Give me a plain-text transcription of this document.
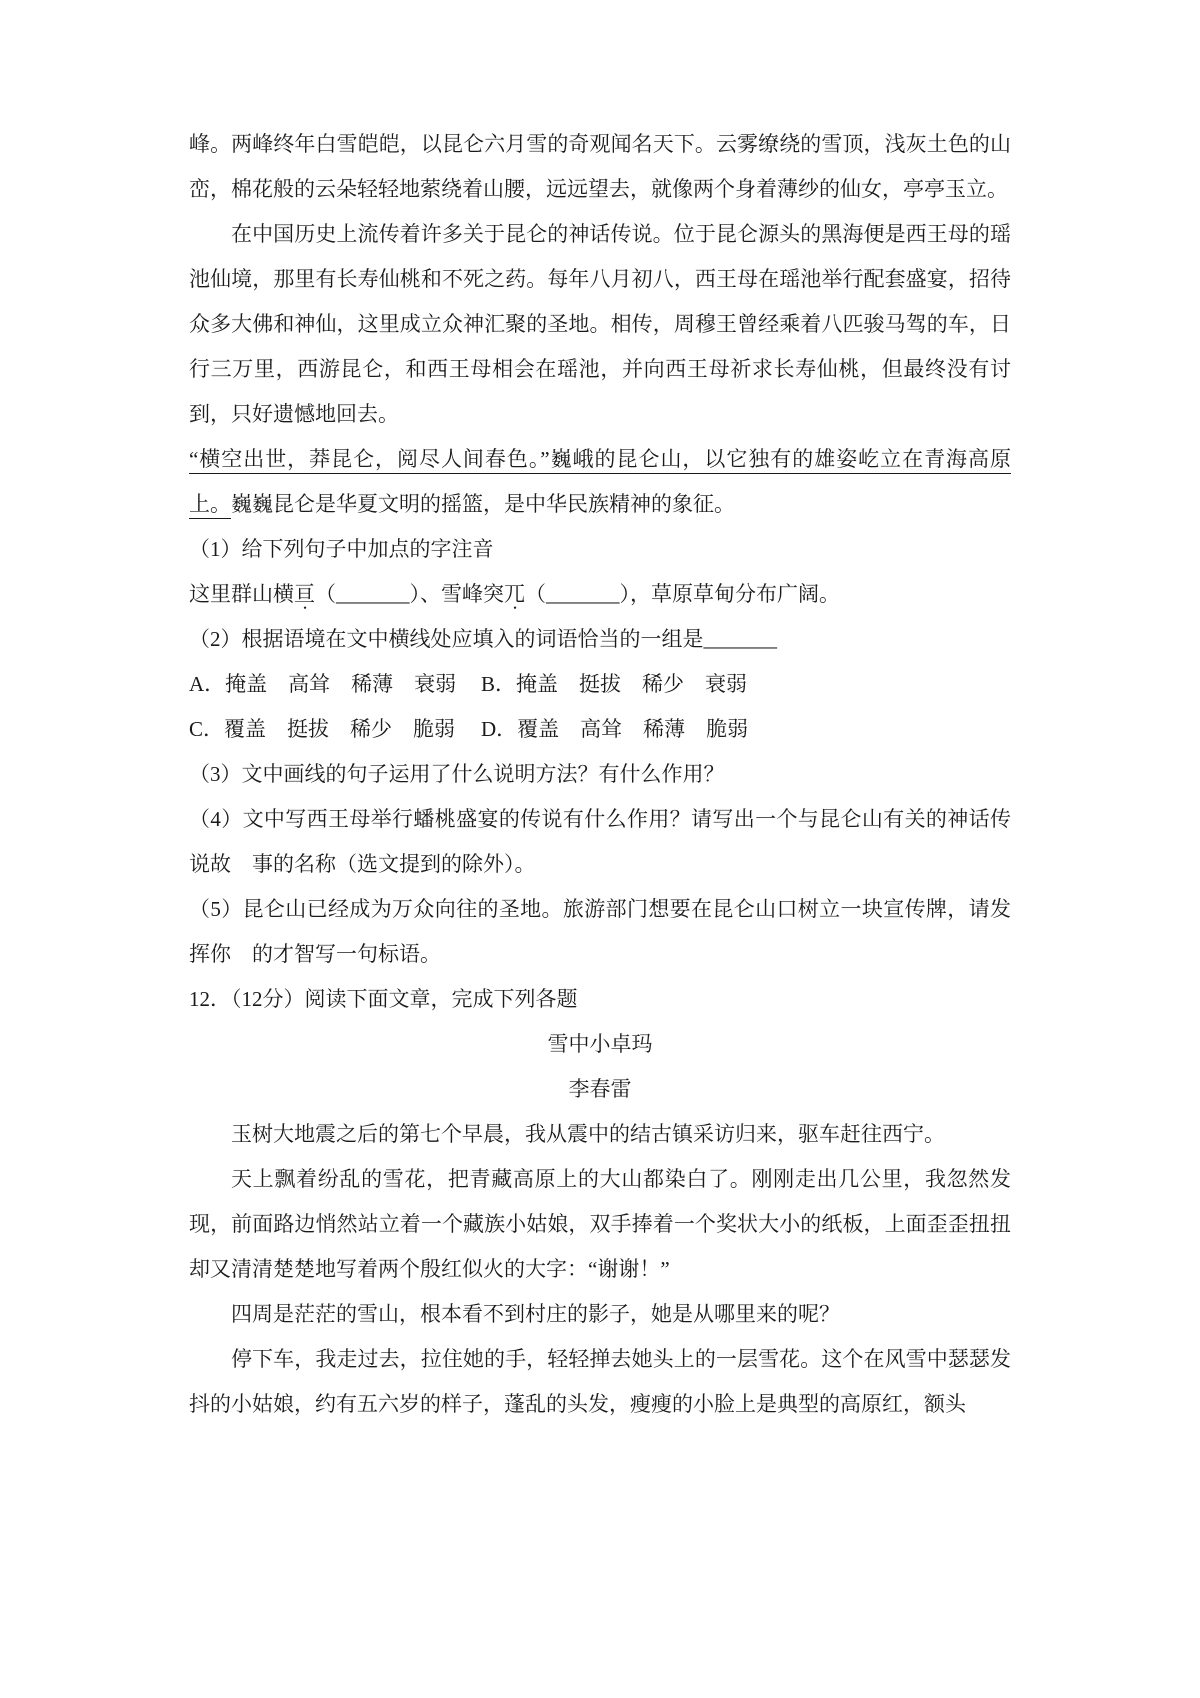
峰。两峰终年白雪皑皑，以昆仑六月雪的奇观闻名天下。云雾缭绕的雪顶，浅灰土色的山峦，棉花般的云朵轻轻地萦绕着山腰，远远望去，就像两个身着薄纱的仙女，亭亭玉立。

在中国历史上流传着许多关于昆仑的神话传说。位于昆仑源头的黑海便是西王母的瑶池仙境，那里有长寿仙桃和不死之药。每年八月初八，西王母在瑶池举行配套盛宴，招待众多大佛和神仙，这里成立众神汇聚的圣地。相传，周穆王曾经乘着八匹骏马驾的车，日行三万里，西游昆仑，和西王母相会在瑶池，并向西王母祈求长寿仙桃，但最终没有讨到，只好遗憾地回去。

“横空出世，莽昆仑，阅尽人间春色。”巍峨的昆仑山，以它独有的雄姿屹立在青海高原上。巍巍昆仑是华夏文明的摇篮，是中华民族精神的象征。

（1）给下列句子中加点的字注音

这里群山横亘 ・（_______）、雪峰突兀 ・（_______），草原草甸分布广阔。

（2）根据语境在文中横线处应填入的词语恰当的一组是_______

A．掩盖　高耸　稀薄　衰弱	B．掩盖　挺拔　稀少　衰弱
C．覆盖　挺拔　稀少　脆弱	D．覆盖　高耸　稀薄　脆弱

（3）文中画线的句子运用了什么说明方法？有什么作用？

（4）文中写西王母举行蟠桃盛宴的传说有什么作用？请写出一个与昆仑山有关的神话传说故　事的名称（选文提到的除外）。

（5）昆仑山已经成为万众向往的圣地。旅游部门想要在昆仑山口树立一块宣传牌，请发挥你　的才智写一句标语。

12．（12分）阅读下面文章，完成下列各题

雪中小卓玛

李春雷

玉树大地震之后的第七个早晨，我从震中的结古镇采访归来，驱车赶往西宁。

天上飘着纷乱的雪花，把青藏高原上的大山都染白了。刚刚走出几公里，我忽然发现，前面路边悄然站立着一个藏族小姑娘，双手捧着一个奖状大小的纸板，上面歪歪扭扭却又清清楚楚地写着两个殷红似火的大字：“谢谢！”

四周是茫茫的雪山，根本看不到村庄的影子，她是从哪里来的呢？

停下车，我走过去，拉住她的手，轻轻掸去她头上的一层雪花。这个在风雪中瑟瑟发抖的小姑娘，约有五六岁的样子，蓬乱的头发，瘦瘦的小脸上是典型的高原红，额头
